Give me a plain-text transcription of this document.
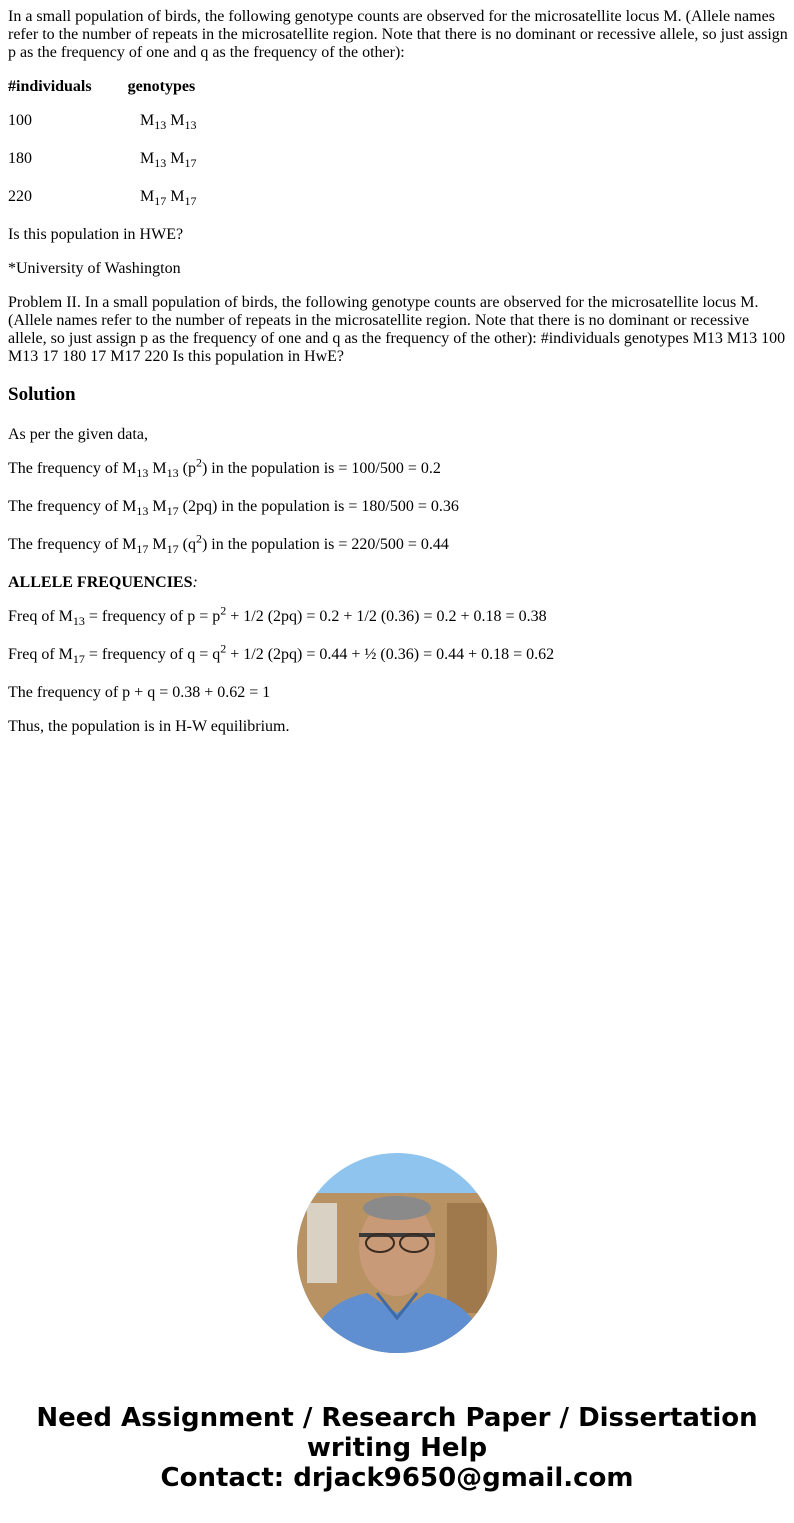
In a small population of birds, the following genotype counts are observed for the microsatellite locus M. (Allele names refer to the number of repeats in the microsatellite region. Note that there is no dominant or recessive allele, so just assign p as the frequency of one and q as the frequency of the other):

#individuals genotypes
100	$M_{13}$ $M_{13}$
180	$M_{13}$ $M_{17}$
220	$M_{17}$ $M_{17}$

Is this population in HWE?

*University of Washington

Problem II. In a small population of birds, the following genotype counts are observed for the microsatellite locus M. (Allele names refer to the number of repeats in the microsatellite region. Note that there is no dominant or recessive allele, so just assign p as the frequency of one and q as the frequency of the other): #individuals genotypes M13 M13 100 M13 17 180 17 M17 220 Is this population in HwE?

Solution

As per the given data,

The frequency of $M_{13}$ $M_{13}$ $(p^2)$ in the population is = 100/500 = 0.2

The frequency of $M_{13}$ $M_{17}$ (2pq) in the population is = 180/500 = 0.36

The frequency of $M_{17}$ $M_{17}$ $(q^2)$ in the population is = 220/500 = 0.44

ALLELE FREQUENCIES:

Freq of $M_{13}$ = frequency of $p = p^2 + 1/2$ (2pq) = 0.2 + 1/2 (0.36) = 0.2 + 0.18 = 0.38

Freq of $M_{17}$ = frequency of $q = q^2 + 1/2$ (2pq) = 0.44 + ½ (0.36) = 0.44 + 0.18 = 0.62

The frequency of p + q = 0.38 + 0.62 = 1

Thus, the population is in H-W equilibrium.

Need Assignment / Research Paper / Dissertation
writing Help
Contact: drjack9650@gmail.com
